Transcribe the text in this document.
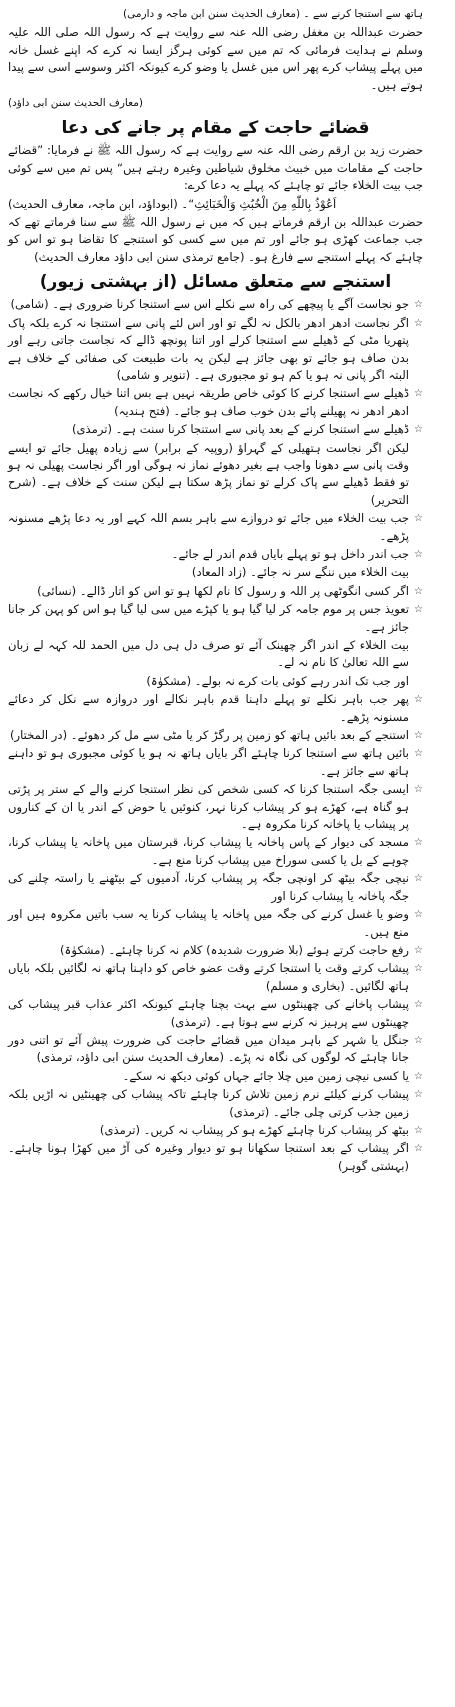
ہاتھ سے استنجا کرنے سے ۔ (معارف الحدیث سنن ابن ماجہ و دارمی)

حضرت عبداللہ بن مغفل رضی اللہ عنہ سے روایت ہے کہ رسول اللہ صلی اللہ علیہ وسلم نے ہدایت فرمائی کہ تم میں سے کوئی ہرگز ایسا نہ کرے کہ اپنے غسل خانہ میں پہلے پیشاب کرے پھر اس میں غسل یا وضو کرے کیونکہ اکثر وسوسے اسی سے پیدا ہوتے ہیں۔

(معارف الحدیث سنن ابی داؤد)

قضائے حاجت کے مقام پر جانے کی دعا

حضرت زید بن ارقم رضی اللہ عنہ سے روایت ہے کہ رسول اللہ ﷺ نے فرمایا: ”قضائے حاجت کے مقامات میں خبیث مخلوق شیاطین وغیرہ رہتے ہیں“ پس تم میں سے کوئی جب بیت الخلاء جائے تو چاہئے کہ پہلے یہ دعا کرے:

اَعُوْذُ بِاللّٰهِ مِنَ الْخُبُثِ وَالْخَبَائِثِ“۔ (ابوداؤد، ابن ماجہ، معارف الحدیث)

حضرت عبداللہ بن ارقم فرماتے ہیں کہ میں نے رسول اللہ ﷺ سے سنا فرماتے تھے کہ جب جماعت کھڑی ہو جائے اور تم میں سے کسی کو استنجے کا تقاضا ہو تو اس کو چاہئے کہ پہلے استنجے سے فارغ ہو۔ (جامع ترمذی سنن ابی داؤد معارف الحدیث)

استنجے سے متعلق مسائل (از بہشتی زیور)
☆
جو نجاست آگے یا پیچھے کی راہ سے نکلے اس سے استنجا کرنا ضروری ہے۔ (شامی)
☆
اگر نجاست ادھر ادھر بالکل نہ لگے تو اور اس لئے پانی سے استنجا نہ کرے بلکہ پاک پتھریا مٹی کے ڈھیلے سے استنجا کرلے اور اتنا پونچھ ڈالے کہ نجاست جاتی رہے اور بدن صاف ہو جائے تو بھی جائز ہے لیکن یہ بات طبیعت کی صفائی کے خلاف ہے البتہ اگر پانی نہ ہو یا کم ہو تو مجبوری ہے۔ (تنویر و شامی)
☆
ڈھیلے سے استنجا کرنے کا کوئی خاص طریقہ نہیں ہے بس اتنا خیال رکھے کہ نجاست ادھر ادھر نہ پھیلنے پائے بدن خوب صاف ہو جائے۔ (فتح ہندیہ)
☆
ڈھیلے سے استنجا کرنے کے بعد پانی سے استنجا کرنا سنت ہے۔ (ترمذی)
لیکن اگر نجاست ہتھیلی کے گہراؤ (روپیہ کے برابر) سے زیادہ پھیل جائے تو ایسے وقت پانی سے دھونا واجب ہے بغیر دھوئے نماز نہ ہوگی اور اگر نجاست پھیلی نہ ہو تو فقط ڈھیلے سے پاک کرلے تو نماز پڑھ سکتا ہے لیکن سنت کے خلاف ہے۔ (شرح التحریر)
☆
جب بیت الخلاء میں جائے تو دروازے سے باہر بسم اللہ کہے اور یہ دعا پڑھے مسنونہ پڑھے۔
☆
جب اندر داخل ہو تو پہلے بایاں قدم اندر لے جائے۔
بیت الخلاء میں ننگے سر نہ جائے۔ (زاد المعاد)
☆
اگر کسی انگوٹھی پر اللہ و رسول کا نام لکھا ہو تو اس کو اتار ڈالے۔ (نسائی)
☆
تعویذ جس پر موم جامہ کر لیا گیا ہو یا کپڑے میں سی لیا گیا ہو اس کو پہن کر جانا جائز ہے۔
بیت الخلاء کے اندر اگر چھینک آئے تو صرف دل ہی دل میں الحمد للہ کہہ لے زبان سے اللہ تعالیٰ کا نام نہ لے۔
اور جب تک اندر رہے کوئی بات کرے نہ بولے۔ (مشکوٰۃ)
☆
پھر جب باہر نکلے تو پہلے داہنا قدم باہر نکالے اور دروازہ سے نکل کر دعائے مسنونہ پڑھے۔
☆
استنجے کے بعد بائیں ہاتھ کو زمین پر رگڑ کر یا مٹی سے مل کر دھوئے۔ (در المختار)
☆
بائیں ہاتھ سے استنجا کرنا چاہئے اگر بایاں ہاتھ نہ ہو یا کوئی مجبوری ہو تو داہنے ہاتھ سے جائز ہے۔
☆
ایسی جگہ استنجا کرنا کہ کسی شخص کی نظر استنجا کرنے والے کے ستر پر پڑتی ہو گناہ ہے، کھڑے ہو کر پیشاب کرنا نہر، کنوئیں یا حوض کے اندر یا ان کے کناروں پر پیشاب یا پاخانہ کرنا مکروہ ہے۔
☆
مسجد کی دیوار کے پاس پاخانہ یا پیشاب کرنا، قبرستان میں پاخانہ یا پیشاب کرنا، چوہے کے بل یا کسی سوراخ میں پیشاب کرنا منع ہے۔
☆
نیچی جگہ بیٹھ کر اونچی جگہ پر پیشاب کرنا، آدمیوں کے بیٹھنے یا راستہ چلنے کی جگہ پاخانہ یا پیشاب کرنا اور
☆
وضو یا غسل کرنے کی جگہ میں پاخانہ یا پیشاب کرنا یہ سب باتیں مکروہ ہیں اور منع ہیں۔
☆
رفع حاجت کرتے ہوئے (بلا ضرورت شدیدہ) کلام نہ کرنا چاہئے۔ (مشکوٰۃ)
☆
پیشاب کرتے وقت یا استنجا کرتے وقت عضو خاص کو داہنا ہاتھ نہ لگائیں بلکہ بایاں ہاتھ لگائیں۔ (بخاری و مسلم)
☆
پیشاب پاخانے کی چھینٹوں سے بہت بچنا چاہئے کیونکہ اکثر عذاب قبر پیشاب کی چھینٹوں سے پرہیز نہ کرنے سے ہوتا ہے۔ (ترمذی)
☆
جنگل یا شہر کے باہر میدان میں قضائے حاجت کی ضرورت پیش آئے تو اتنی دور جانا چاہئے کہ لوگوں کی نگاہ نہ پڑے۔ (معارف الحدیث سنن ابی داؤد، ترمذی)
☆
یا کسی نیچی زمین میں چلا جائے جہاں کوئی دیکھ نہ سکے۔
☆
پیشاب کرنے کیلئے نرم زمین تلاش کرنا چاہئے تاکہ پیشاب کی چھینٹیں نہ اڑیں بلکہ زمین جذب کرتی چلی جائے۔ (ترمذی)
☆
بیٹھ کر پیشاب کرنا چاہئے کھڑے ہو کر پیشاب نہ کریں۔ (ترمذی)
☆
اگر پیشاب کے بعد استنجا سکھانا ہو تو دیوار وغیرہ کی آڑ میں کھڑا ہونا چاہئے۔ (بہشتی گوہر)
